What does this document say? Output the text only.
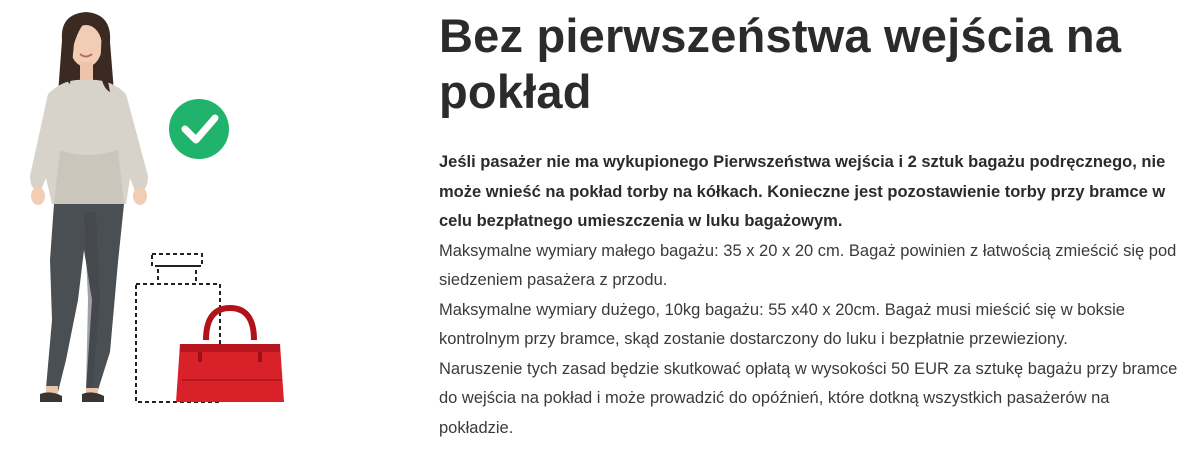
Bez pierwszeństwa wejścia na pokład

Jeśli pasażer nie ma wykupionego Pierwszeństwa wejścia i 2 sztuk bagażu podręcznego, nie może wnieść na pokład torby na kółkach. Konieczne jest pozostawienie torby przy bramce w celu bezpłatnego umieszczenia w luku bagażowym.

Maksymalne wymiary małego bagażu: 35 x 20 x 20 cm. Bagaż powinien z łatwością zmieścić się pod siedzeniem pasażera z przodu.

Maksymalne wymiary dużego, 10kg bagażu: 55 x40 x 20cm. Bagaż musi mieścić się w boksie kontrolnym przy bramce, skąd zostanie dostarczony do luku i bezpłatnie przewieziony.

Naruszenie tych zasad będzie skutkować opłatą w wysokości 50 EUR za sztukę bagażu przy bramce do wejścia na pokład i może prowadzić do opóźnień, które dotkną wszystkich pasażerów na pokładzie.
